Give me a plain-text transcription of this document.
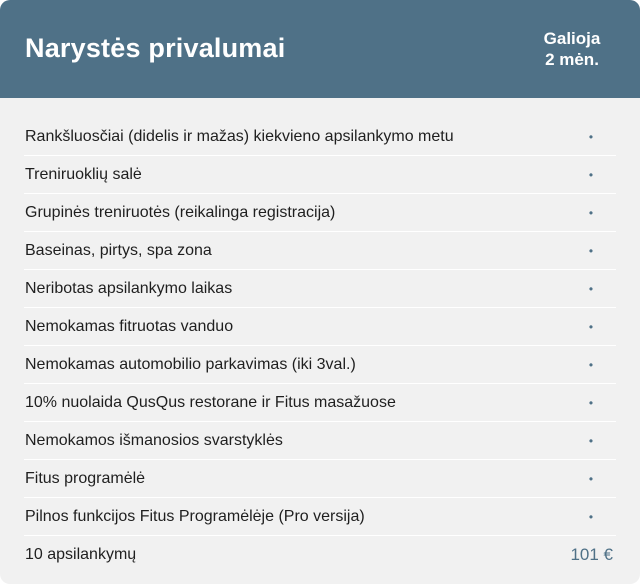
Narystės privalumai	Galioja
2 mėn.
Rankšluosčiai (didelis ir mažas) kiekvieno apsilankymo metu	•
Treniruoklių salė	•
Grupinės treniruotės (reikalinga registracija)	•
Baseinas, pirtys, spa zona	•
Neribotas apsilankymo laikas	•
Nemokamas fitruotas vanduo	•
Nemokamas automobilio parkavimas (iki 3val.)	•
10% nuolaida QusQus restorane ir Fitus masažuose	•
Nemokamos išmanosios svarstyklės	•
Fitus programėlė	•
Pilnos funkcijos Fitus Programėlėje (Pro versija)	•
10 apsilankymų	101 €
